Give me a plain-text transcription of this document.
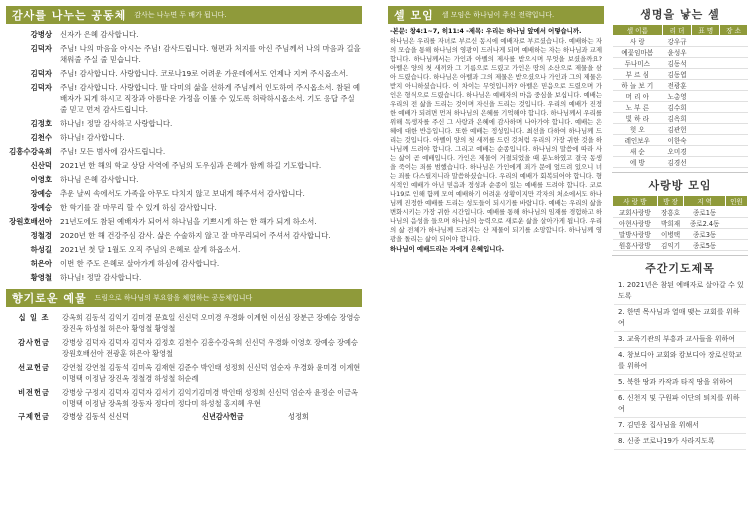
감사를 나누는 공동체 감사는 나누면 두 배가 됩니다.
강병상	신자가 은혜 감사합니다.
김덕자	주님! 나의 마음을 아시는 주님! 감사드립니다. 형편과 처지를 아신 주님께서 나의 마음과 길을 채워줄 주실 줄 믿습니다.
김덕자	주님! 감사합니다. 사랑합니다. 코로나19로 어려운 가운데에서도 언제나 지켜 주시옵소서.
김덕자	주님! 감사합니다. 사랑합니다. 딸 다미의 삶을 선하게 주님께서 인도하여 주시옵소서. 참된 예배자가 되게 하시고 직장과 아름다운 가정을 이룰 수 있도록 허락하시옵소서. 기도 응답 주실 줄 믿고 먼저 감사드립니다.
김정호	하나님! 정말 감사하고 사랑합니다.
김천수	하나님! 감사합니다.
김흥수강옥희	주님! 모든 범사에 감사드립니다.
신산덕	2021년 한 해의 학교 상담 사역에 주님의 도우심과 은혜가 함께 하길 기도합니다.
이영호	하나님 은혜 감사합니다.
장예승	추운 날씨 속에서도 가족을 아무도 다치지 않고 보내게 해주셔서 감사합니다.
장예승	한 학기를 잘 마무리 할 수 있게 하심 감사합니다.
장원호배선아	21년도에도 참된 예배자가 되어서 하나님을 기쁘시게 하는 한 해가 되게 하소서.
정철경	2020년 한 해 건강주심 감사. 삶은 수술하지 않고 잘 마무리되어 주셔서 감사합니다.
하성길	2021년 첫 달 1월도 오직 주님의 은혜로 살게 하옵소서.
허은아	이번 한 주도 은혜로 살아가게 하심에 감사합니다.
황영철	하나님! 정말 감사합니다.
향기로운 예물 드림으로 하나님의 부요함을 체험하는 공동체입니다
십 일 조	강옥희 김동석 김익기 김미경 문효일 신신덕 오미경 우경화 이계현 이선심 장분근 장예승 장영승 장진옥 하성철 허은아 황영철 황영철
감사헌금	강병상 김덕자 김덕자 김덕자 김정호 김천수 김흥수강옥희 신신덕 우경화 이영호 장예승 장예승 장원호배선아 전광훈 허은아 황영철
선교헌금	강연철 강연철 김동석 김미옥 김재현 김준수 박인태 성정희 신신덕 엄순자 우경화 윤미경 이계현 이명택 이정남 장진옥 정철경 하성철 허순례
비전헌금	강병상 구정지 김덕자 김덕자 김서기 김익기김미경 박인태 성정희 신신덕 엄순자 윤정순 이금옥 이명택 이정남 장옥희 장동자 정다미 정다미 하성철 홍지혜 우현
구제헌금	강병상 김동석 신신덕	신년감사헌금	성정희
셀 모임 셀 모임은 하나님이 주신 전략입니다.

-본문: 창4:1~7, 히11:4 -제목: 우리는 하나님 앞에서 어떻습니까.

하나님은 우리를 자녀로 부르신 동시에 예배자로 부르셨습니다. 예배하는 자의 모습을 통해 하나님의 영광이 드러나게 되며 예배하는 자는 하나님과 교제합니다. 하나님께서는 가인과 아벨의 제사를 받으시며 무엇을 보셨을까요? 아벨은 양의 첫 새끼와 그 기름으로 드렸고 가인은 땅의 소산으로 제물을 삼아 드렸습니다. 하나님은 아벨과 그의 제물은 받으셨으나 가인과 그의 제물은 받지 아니하셨습니다. 이 차이는 무엇입니까? 아벨은 믿음으로 드렸으며 가인은 형식으로 드렸습니다. 하나님은 예배자의 마음 중심을 보십니다. 예배는 우리의 전 삶을 드리는 것이며 자신을 드리는 것입니다. 우리의 예배가 진정한 예배가 되려면 먼저 하나님의 은혜를 기억해야 합니다. 하나님께서 우리를 위해 독생자를 주신 그 사랑과 은혜에 감사하며 나아가야 합니다. 예배는 은혜에 대한 반응입니다. 또한 예배는 정성입니다. 최선을 다하여 하나님께 드리는 것입니다. 아벨이 양의 첫 새끼를 드린 것처럼 우리의 가장 귀한 것을 하나님께 드려야 합니다. 그리고 예배는 순종입니다. 하나님의 말씀에 따라 사는 삶이 곧 예배입니다. 가인은 제물이 거절되었을 때 분노하였고 결국 동생을 죽이는 죄를 범했습니다. 하나님은 가인에게 죄가 문에 엎드려 있으니 너는 죄를 다스릴지니라 말씀하셨습니다. 우리의 예배가 회복되어야 합니다. 형식적인 예배가 아닌 믿음과 정성과 순종이 있는 예배를 드려야 합니다. 코로나19로 인해 함께 모여 예배하기 어려운 상황이지만 각자의 처소에서도 하나님께 진정한 예배를 드리는 성도들이 되시기를 바랍니다. 예배는 우리의 삶을 변화시키는 가장 귀한 시간입니다. 예배를 통해 하나님의 임재를 경험하고 하나님의 음성을 들으며 하나님의 능력으로 새로운 삶을 살아가게 됩니다. 우리의 삶 전체가 하나님께 드려지는 산 제물이 되기를 소망합니다. 하나님께 영광을 돌리는 삶이 되어야 합니다.

하나님이 예배드리는 자에게 은혜입니다.

생명을 낳는 셀
셀 이름	리 더	표 명	장 소
사 랑	강우규		
예꽃임마봄	윤성우		
두나미스	김동석		
부 르 심	김동엽		
하 늘 보 기	전광훈		
머 리 아	노총영		
노 부 른	김수희		
빛 하 라	김옥희		
헛 오	김관헌		
레인보우	이한숙		
새 순	오미경		
에 방	김경선		
사랑방 모임
사 랑 방	방 장	지 역	인원
교회사랑방	장흥호	종로1동	
아현사랑방	박희재	종로2.4동	
말방사랑방	이병택	종로3동	
원흥사랑방	김익기	종로5동	
주간기도제목
1. 2021년은 참된 예배자로 살아갈 수 있도록
2. 한면 목사님과 열매 맺는 교회를 위하여
3. 교육기관의 부흥과 교사들을 위하여
4. 창보디아 교회와 캄보디아 장로신학교를 위하여
5. 북한 땅과 카작과 타직 땅을 위하여
6. 신천지 및 구원파 이단의 퇴치를 위하여
7. 김민웅 집사님을 위해서
8. 신종 코로나19가 사라지도록
